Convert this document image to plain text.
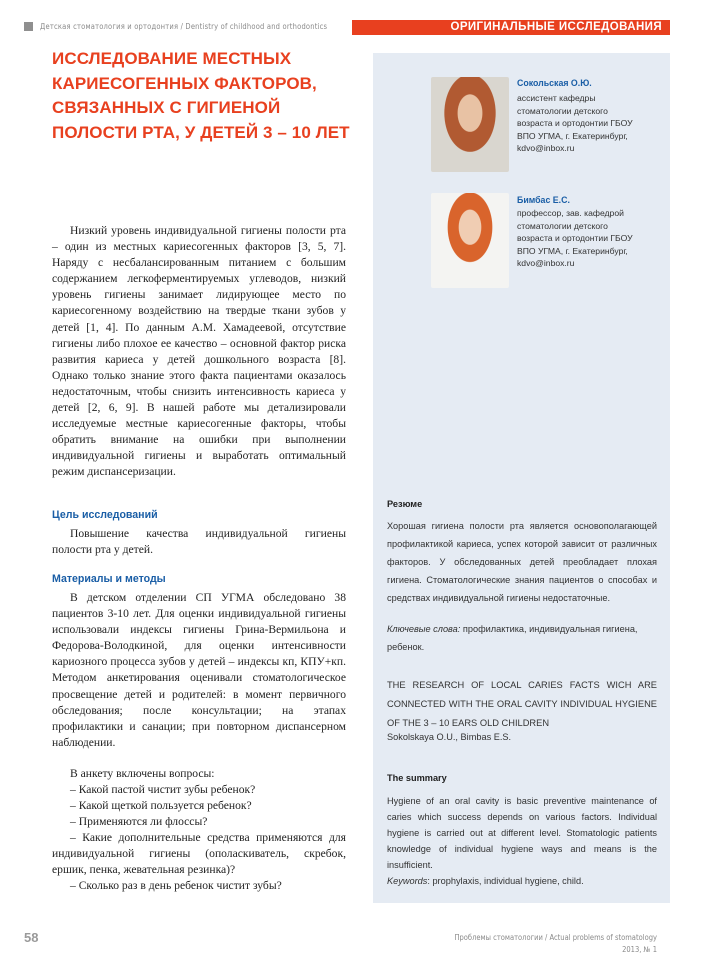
Детская стоматология и ортодонтия / Dentistry of childhood and orthodontics	ОРИГИНАЛЬНЫЕ ИССЛЕДОВАНИЯ
ИССЛЕДОВАНИЕ МЕСТНЫХ КАРИЕСОГЕННЫХ ФАКТОРОВ, СВЯЗАННЫХ С ГИГИЕНОЙ ПОЛОСТИ РТА, У ДЕТЕЙ 3 – 10 ЛЕТ
Сокольская О.Ю.
ассистент кафедры
стоматологии детского
возраста и ортодонтии ГБОУ
ВПО УГМА, г. Екатеринбург,
kdvo@inbox.ru
Бимбас Е.С.
профессор, зав. кафедрой
стоматологии детского
возраста и ортодонтии ГБОУ
ВПО УГМА, г. Екатеринбург,
kdvo@inbox.ru
Резюме
Хорошая гигиена полости рта является основополагающей профилактикой кариеса, успех которой зависит от различных факторов. У обследованных детей преобладает плохая гигиена. Стоматологические знания пациентов о способах и средствах индивидуальной гигиены недостаточные.
Ключевые слова: профилактика, индивидуальная гигиена, ребенок.
THE RESEARCH OF LOCAL CARIES FACTS WICH ARE CONNECTED WITH THE ORAL CAVITY INDIVIDUAL HYGIENE OF THE 3 – 10 EARS OLD CHILDREN
Sokolskaya O.U., Bimbas E.S.
The summary
Hygiene of an oral cavity is basic preventive maintenance of caries which success depends on various factors. Individual hygiene is carried out at different level. Stomatologic patients knowledge of individual hygiene ways and means is the insufficient.
Keywords: prophylaxis, individual hygiene, child.
Низкий уровень индивидуальной гигиены полости рта – один из местных кариесогенных факторов [3, 5, 7]. Наряду с несбалансированным питанием с большим содержанием легкоферментируемых углеводов, низкий уровень гигиены занимает лидирующее место по кариесогенному воздействию на твердые ткани зубов у детей [1, 4]. По данным А.М. Хамадеевой, отсутствие гигиены либо плохое ее качество – основной фактор риска развития кариеса у детей дошкольного возраста [8]. Однако только знание этого факта пациентами оказалось недостаточным, чтобы снизить интенсивность кариеса у детей [2, 6, 9]. В нашей работе мы детализировали исследуемые местные кариесогенные факторы, чтобы обратить внимание на ошибки при выполнении индивидуальной гигиены и выработать оптимальный режим диспансеризации.
Цель исследований
Повышение качества индивидуальной гигиены полости рта у детей.
Материалы и методы
В детском отделении СП УГМА обследовано 38 пациентов 3-10 лет. Для оценки индивидуальной гигиены использовали индексы гигиены Грина-Вермильона и Федорова-Володкиной, для оценки интенсивности кариозного процесса зубов у детей – индексы кп, КПУ+кп. Методом анкетирования оценивали стоматологическое просвещение детей и родителей: в момент первичного обследования; после консультации; на этапах профилактики и санации; при повторном диспансерном наблюдении.
В анкету включены вопросы:
– Какой пастой чистит зубы ребенок?
– Какой щеткой пользуется ребенок?
– Применяются ли флоссы?
– Какие дополнительные средства применяются для индивидуальной гигиены (ополаскиватель, скребок, ершик, пенка, жевательная резинка)?
– Сколько раз в день ребенок чистит зубы?
58	Проблемы стоматологии / Actual problems of stomatology
2013, № 1
